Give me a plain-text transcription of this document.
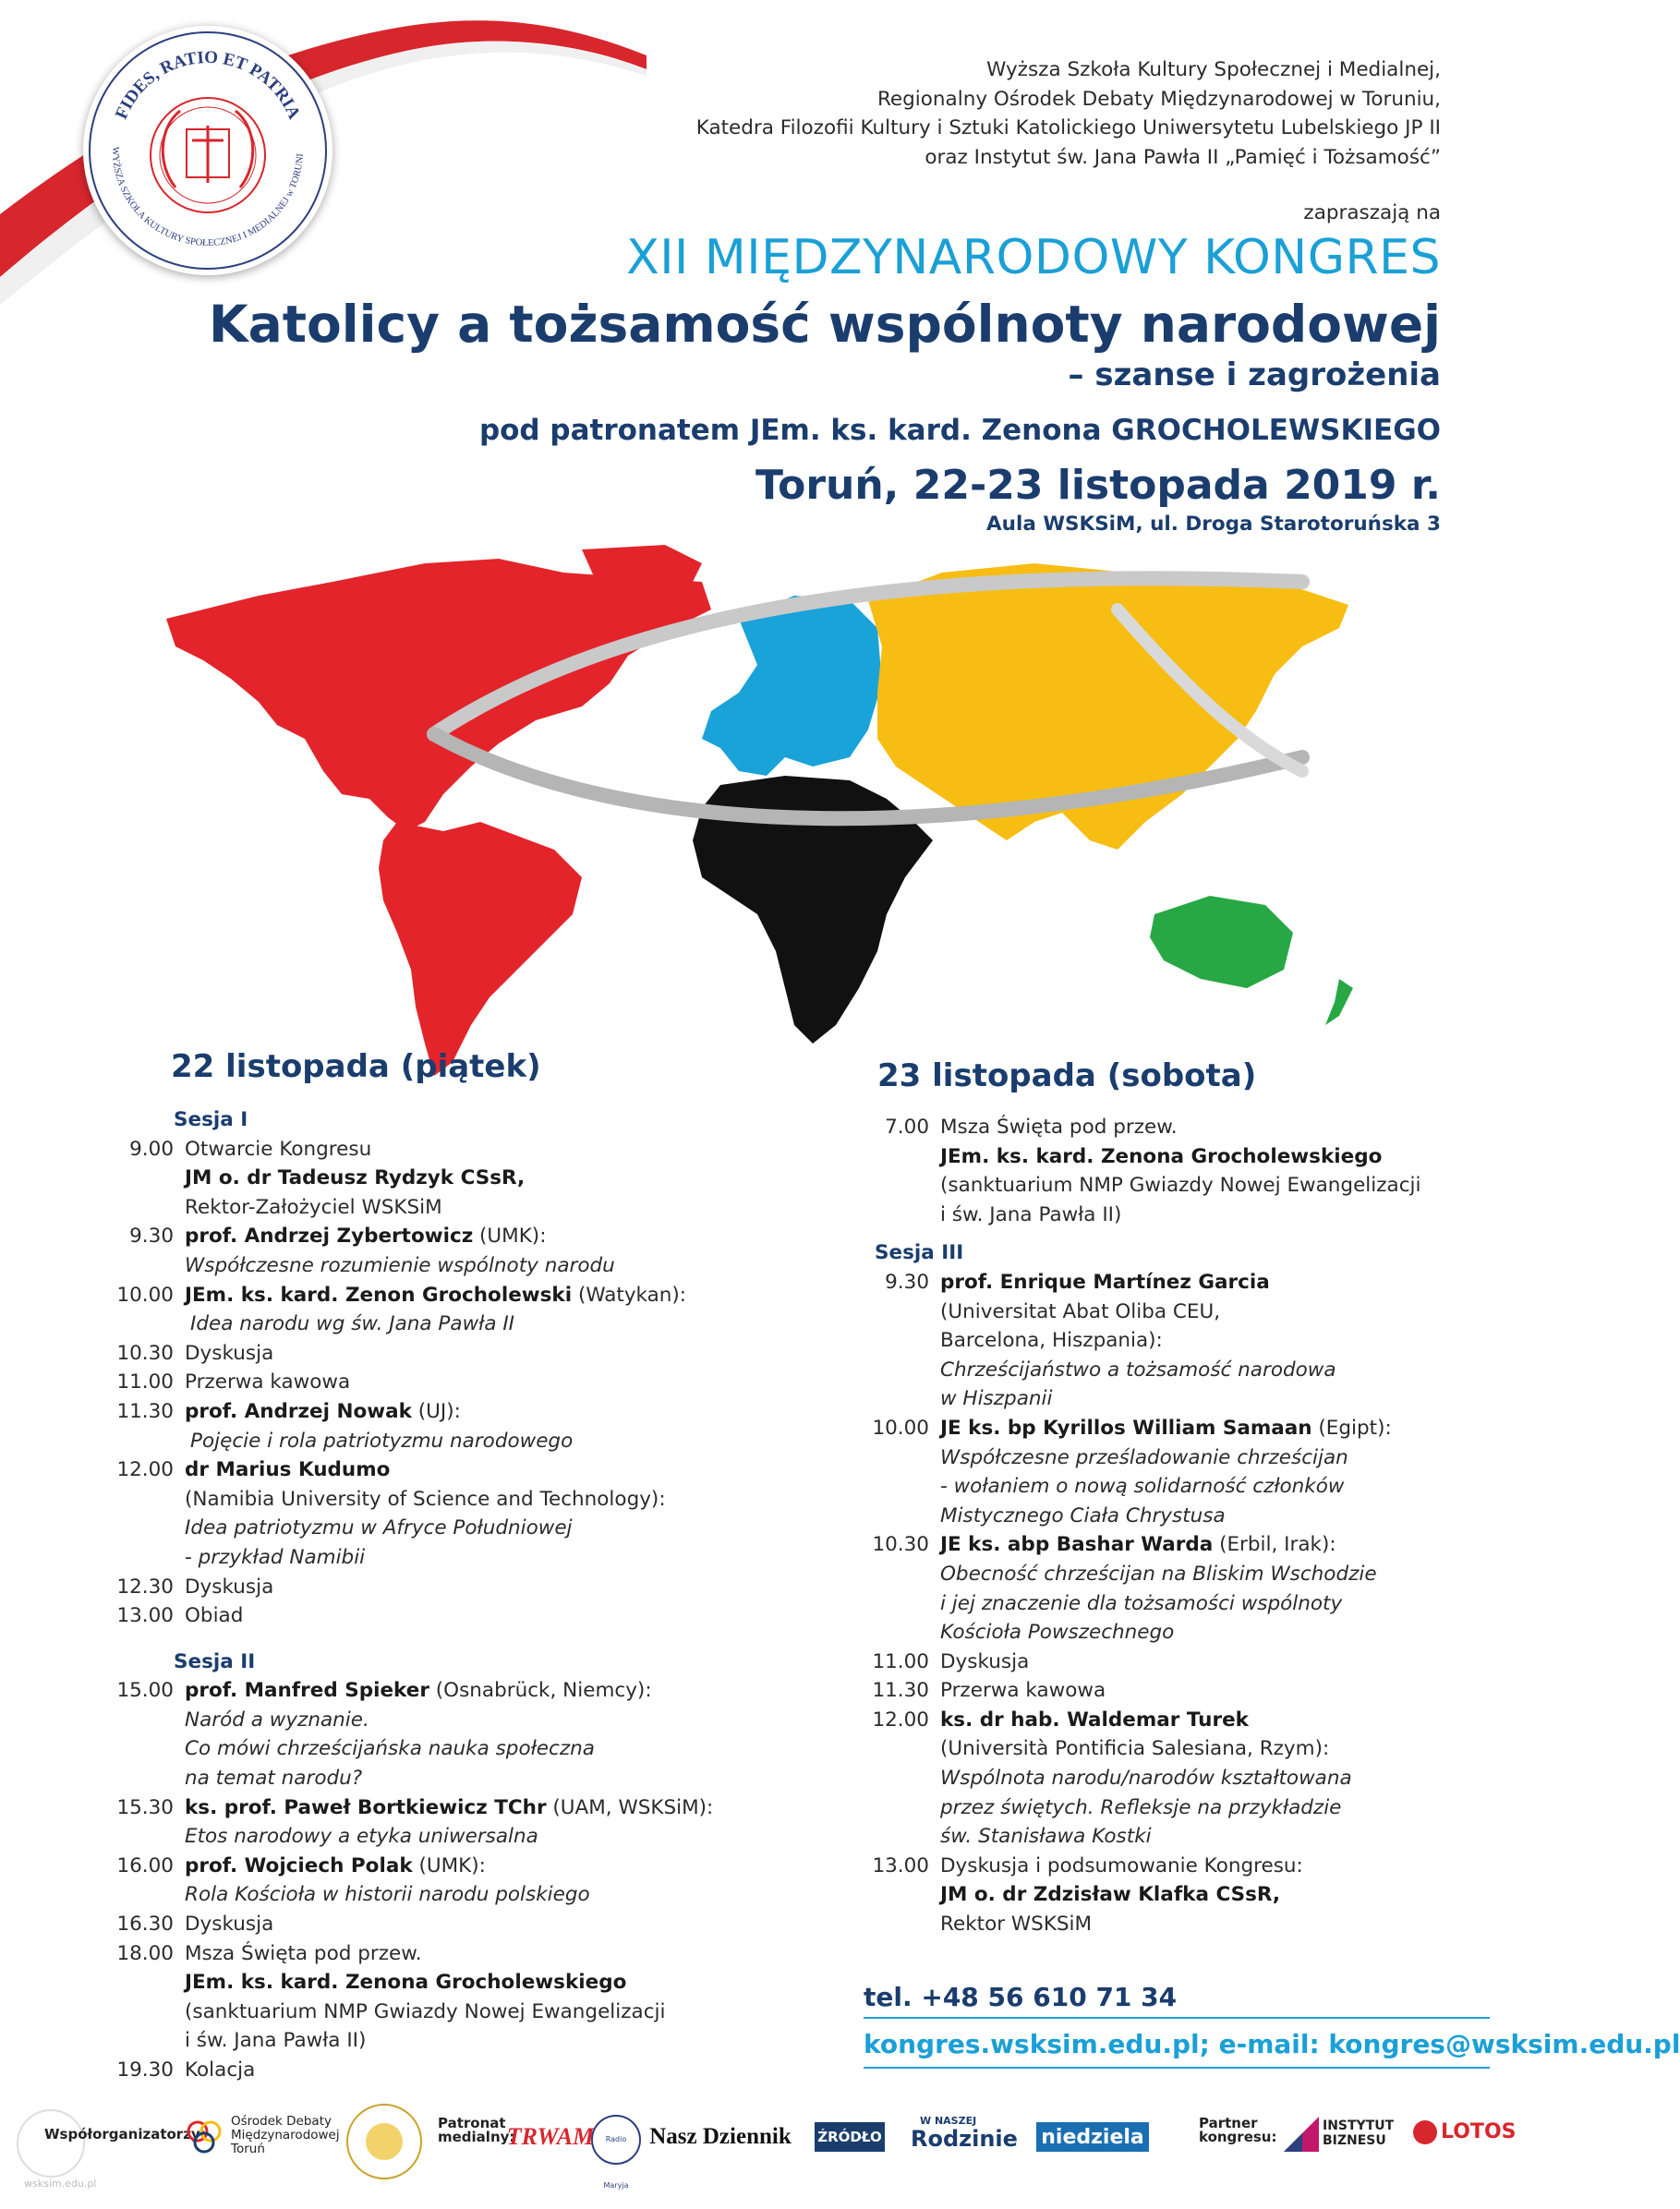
FIDES, RATIO ET PATRIA
WYŻSZA SZKOŁA KULTURY SPOŁECZNEJ I MEDIALNEJ w TORUNI
Wyższa Szkoła Kultury Społecznej i Medialnej,
Regionalny Ośrodek Debaty Międzynarodowej w Toruniu,
Katedra Filozofii Kultury i Sztuki Katolickiego Uniwersytetu Lubelskiego JP II
oraz Instytut św. Jana Pawła II „Pamięć i Tożsamość”
zapraszają na
XII MIĘDZYNARODOWY KONGRES
Katolicy a tożsamość wspólnoty narodowej
– szanse i zagrożenia
pod patronatem JEm. ks. kard. Zenona GROCHOLEWSKIEGO
Toruń, 22-23 listopada 2019 r.
Aula WSKSiM, ul. Droga Starotoruńska 3
22 listopada (piątek)
Sesja I
9.00 Otwarcie Kongresu
JM o. dr Tadeusz Rydzyk CSsR,
Rektor-Założyciel WSKSiM
9.30 prof. Andrzej Zybertowicz (UMK):
Współczesne rozumienie wspólnoty narodu
10.00 JEm. ks. kard. Zenon Grocholewski (Watykan):
Idea narodu wg św. Jana Pawła II
10.30 Dyskusja
11.00 Przerwa kawowa
11.30 prof. Andrzej Nowak (UJ):
Pojęcie i rola patriotyzmu narodowego
12.00 dr Marius Kudumo
(Namibia University of Science and Technology):
Idea patriotyzmu w Afryce Południowej
- przykład Namibii
12.30 Dyskusja
13.00 Obiad
Sesja II
15.00 prof. Manfred Spieker (Osnabrück, Niemcy):
Naród a wyznanie.
Co mówi chrześcijańska nauka społeczna
na temat narodu?
15.30 ks. prof. Paweł Bortkiewicz TChr (UAM, WSKSiM):
Etos narodowy a etyka uniwersalna
16.00 prof. Wojciech Polak (UMK):
Rola Kościoła w historii narodu polskiego
16.30 Dyskusja
18.00 Msza Święta pod przew.
JEm. ks. kard. Zenona Grocholewskiego
(sanktuarium NMP Gwiazdy Nowej Ewangelizacji
i św. Jana Pawła II)
19.30 Kolacja
23 listopada (sobota)
7.00 Msza Święta pod przew.
JEm. ks. kard. Zenona Grocholewskiego
(sanktuarium NMP Gwiazdy Nowej Ewangelizacji
i św. Jana Pawła II)
Sesja III
9.30 prof. Enrique Martínez Garcia
(Universitat Abat Oliba CEU,
Barcelona, Hiszpania):
Chrześcijaństwo a tożsamość narodowa
w Hiszpanii
10.00 JE ks. bp Kyrillos William Samaan (Egipt):
Współczesne prześladowanie chrześcijan
- wołaniem o nową solidarność członków
Mistycznego Ciała Chrystusa
10.30 JE ks. abp Bashar Warda (Erbil, Irak):
Obecność chrześcijan na Bliskim Wschodzie
i jej znaczenie dla tożsamości wspólnoty
Kościoła Powszechnego
11.00 Dyskusja
11.30 Przerwa kawowa
12.00 ks. dr hab. Waldemar Turek
(Università Pontificia Salesiana, Rzym):
Wspólnota narodu/narodów kształtowana
przez świętych. Refleksje na przykładzie
św. Stanisława Kostki
13.00 Dyskusja i podsumowanie Kongresu:
JM o. dr Zdzisław Klafka CSsR,
Rektor WSKSiM
tel. +48 56 610 71 34
kongres.wsksim.edu.pl; e-mail: kongres@wsksim.edu.pl
Współorganizatorzy:
Ośrodek Debaty Międzynarodowej Toruń
Patronat medialny:
TRWAM	Radio Maryja
Nasz Dziennik ŹRÓDŁO
W NASZEJ
Rodzinie	niedziela
Partner kongresu:
INSTYTUT
BIZNESU	LOTOS
wsksim.edu.pl
